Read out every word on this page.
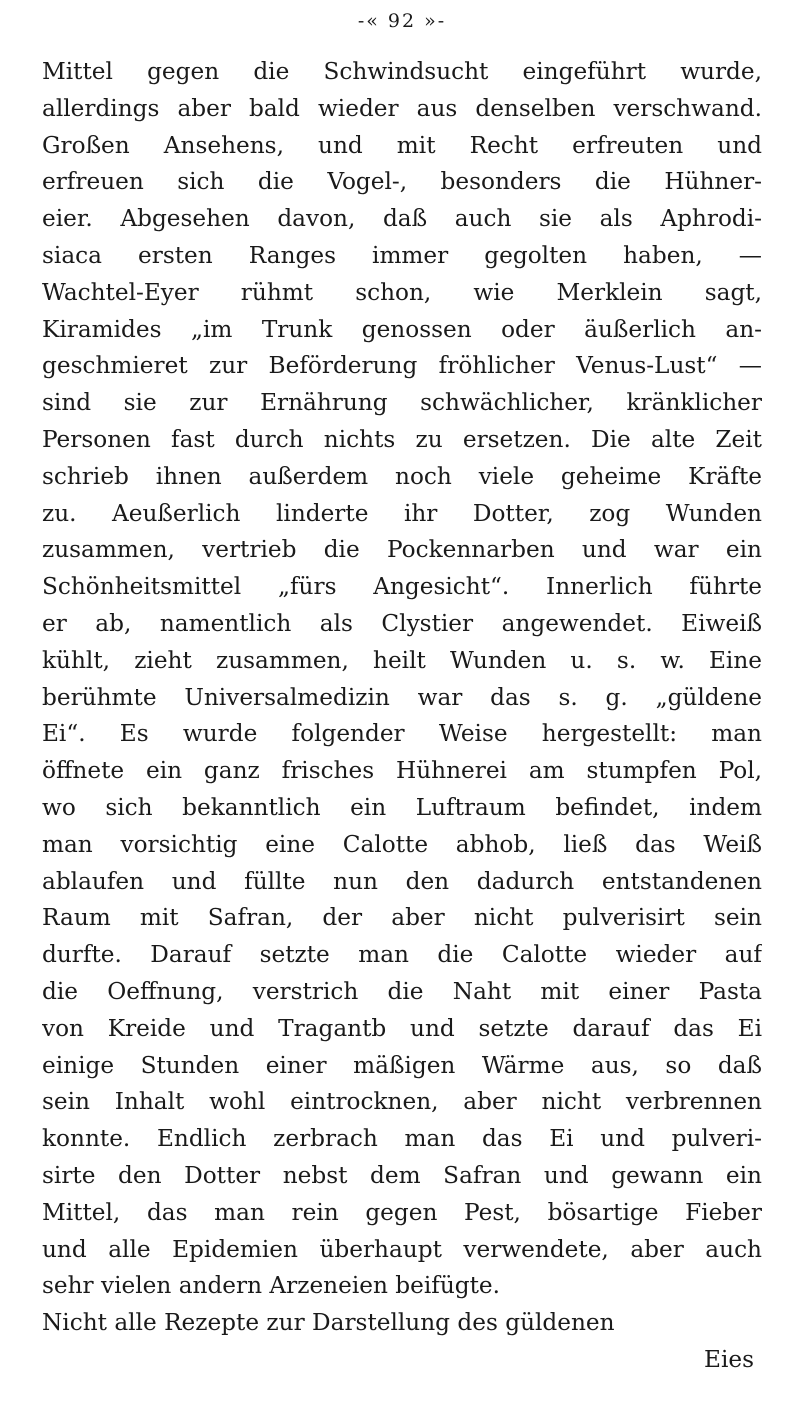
-« 92 »-
Mittel gegen die Schwindsucht eingeführt wurde,
allerdings aber bald wieder aus denselben verschwand.
Großen Ansehens, und mit Recht erfreuten und
erfreuen sich die Vogel-, besonders die Hühner-
eier. Abgesehen davon, daß auch sie als Aphrodi-
siaca ersten Ranges immer gegolten haben, —
Wachtel-Eyer rühmt schon, wie Merklein sagt,
Kiramides „im Trunk genossen oder äußerlich an-
geschmieret zur Beförderung fröhlicher Venus-Lust“ —
sind sie zur Ernährung schwächlicher, kränklicher
Personen fast durch nichts zu ersetzen. Die alte Zeit
schrieb ihnen außerdem noch viele geheime Kräfte
zu. Aeußerlich linderte ihr Dotter, zog Wunden
zusammen, vertrieb die Pockennarben und war ein
Schönheitsmittel „fürs Angesicht“. Innerlich führte
er ab, namentlich als Clystier angewendet. Eiweiß
kühlt, zieht zusammen, heilt Wunden u. s. w. Eine
berühmte Universalmedizin war das s. g. „güldene
Ei“. Es wurde folgender Weise hergestellt: man
öffnete ein ganz frisches Hühnerei am stumpfen Pol,
wo sich bekanntlich ein Luftraum befindet, indem
man vorsichtig eine Calotte abhob, ließ das Weiß
ablaufen und füllte nun den dadurch entstandenen
Raum mit Safran, der aber nicht pulverisirt sein
durfte. Darauf setzte man die Calotte wieder auf
die Oeffnung, verstrich die Naht mit einer Pasta
von Kreide und Tragantb und setzte darauf das Ei
einige Stunden einer mäßigen Wärme aus, so daß
sein Inhalt wohl eintrocknen, aber nicht verbrennen
konnte. Endlich zerbrach man das Ei und pulveri-
sirte den Dotter nebst dem Safran und gewann ein
Mittel, das man rein gegen Pest, bösartige Fieber
und alle Epidemien überhaupt verwendete, aber auch
sehr vielen andern Arzeneien beifügte.
Nicht alle Rezepte zur Darstellung des güldenen
Eies
